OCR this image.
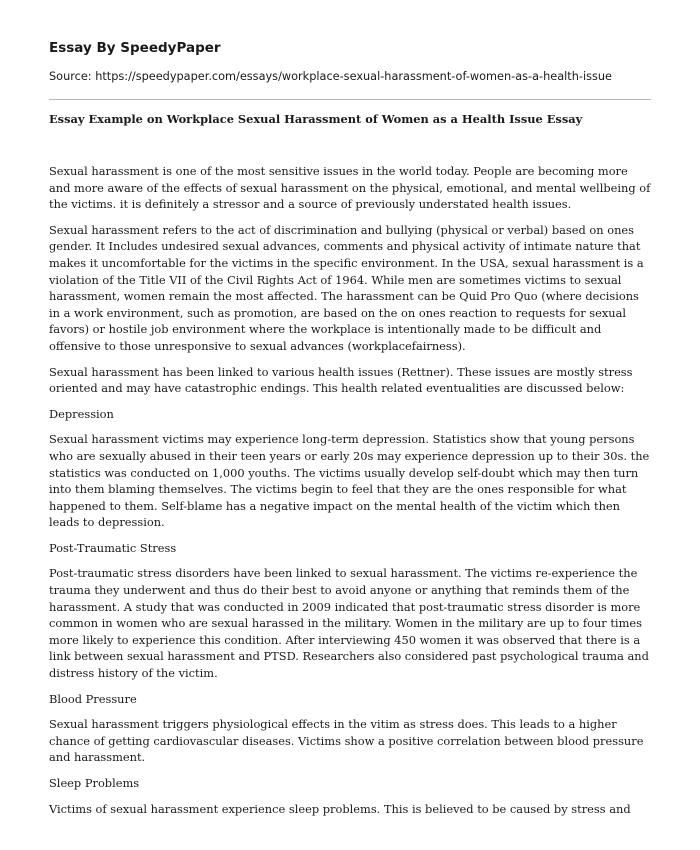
Essay By SpeedyPaper
Source: https://speedypaper.com/essays/workplace-sexual-harassment-of-women-as-a-health-issue
Essay Example on Workplace Sexual Harassment of Women as a Health Issue Essay

Sexual harassment is one of the most sensitive issues in the world today. People are becoming more and more aware of the effects of sexual harassment on the physical, emotional, and mental wellbeing of the victims. it is definitely a stressor and a source of previously understated health issues.

Sexual harassment refers to the act of discrimination and bullying (physical or verbal) based on ones gender. It Includes undesired sexual advances, comments and physical activity of intimate nature that makes it uncomfortable for the victims in the specific environment. In the USA, sexual harassment is a violation of the Title VII of the Civil Rights Act of 1964. While men are sometimes victims to sexual harassment, women remain the most affected. The harassment can be Quid Pro Quo (where decisions in a work environment, such as promotion, are based on the on ones reaction to requests for sexual favors) or hostile job environment where the workplace is intentionally made to be difficult and offensive to those unresponsive to sexual advances (workplacefairness).

Sexual harassment has been linked to various health issues (Rettner). These issues are mostly stress oriented and may have catastrophic endings. This health related eventualities are discussed below:

Depression

Sexual harassment victims may experience long-term depression. Statistics show that young persons who are sexually abused in their teen years or early 20s may experience depression up to their 30s. the statistics was conducted on 1,000 youths. The victims usually develop self-doubt which may then turn into them blaming themselves. The victims begin to feel that they are the ones responsible for what happened to them. Self-blame has a negative impact on the mental health of the victim which then leads to depression.

Post-Traumatic Stress

Post-traumatic stress disorders have been linked to sexual harassment. The victims re-experience the trauma they underwent and thus do their best to avoid anyone or anything that reminds them of the harassment. A study that was conducted in 2009 indicated that post-traumatic stress disorder is more common in women who are sexual harassed in the military. Women in the military are up to four times more likely to experience this condition. After interviewing 450 women it was observed that there is a link between sexual harassment and PTSD. Researchers also considered past psychological trauma and distress history of the victim.

Blood Pressure

Sexual harassment triggers physiological effects in the vitim as stress does. This leads to a higher chance of getting cardiovascular diseases. Victims show a positive correlation between blood pressure and harassment.

Sleep Problems

Victims of sexual harassment experience sleep problems. This is believed to be caused by stress and
